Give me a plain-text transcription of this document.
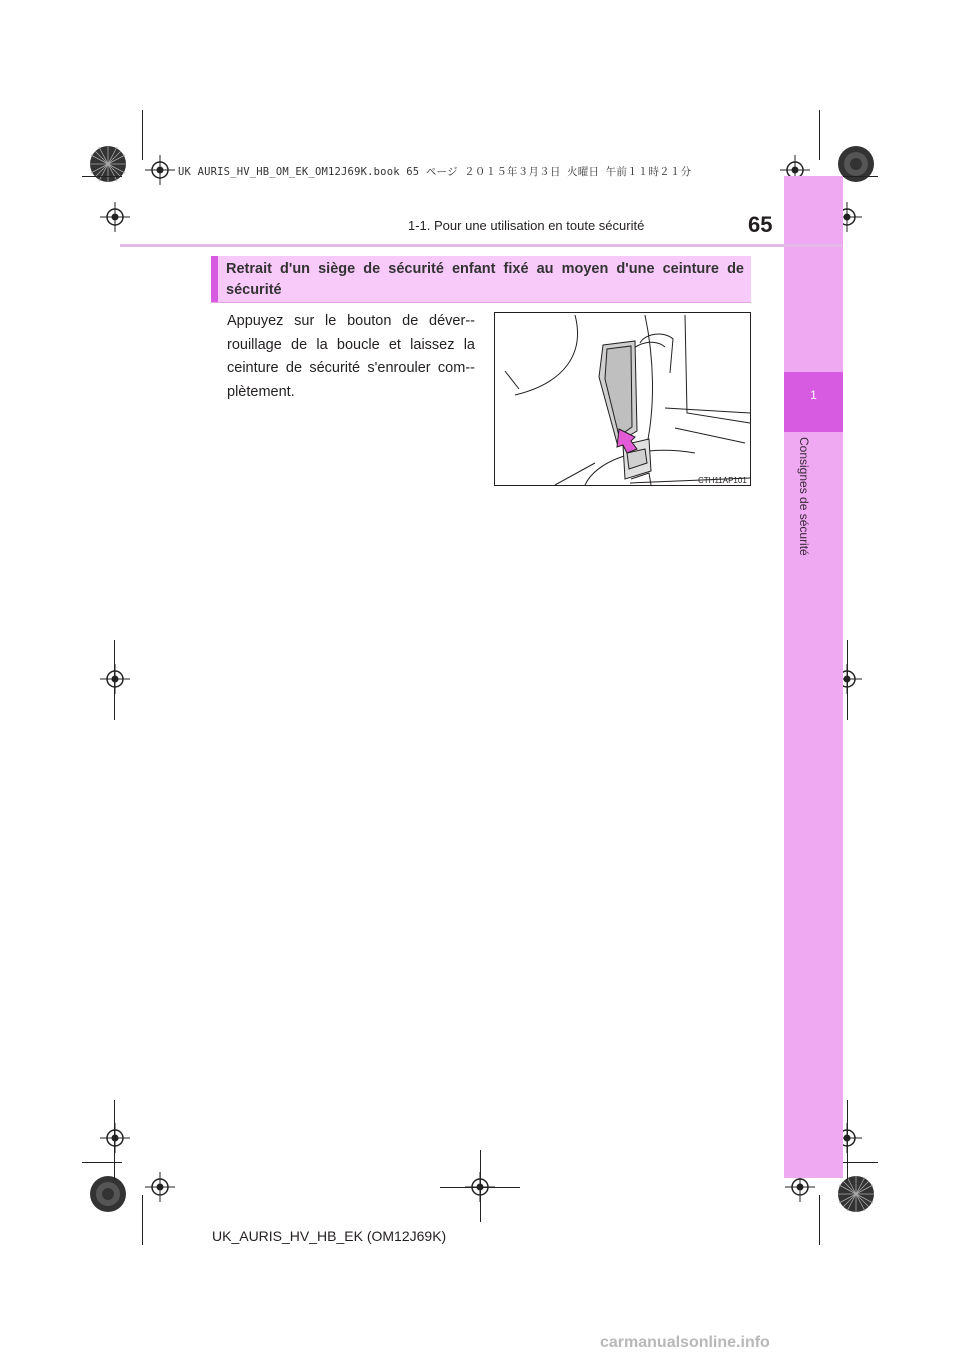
UK AURIS_HV_HB_OM_EK_OM12J69K.book 65 ページ ２０１５年３月３日 火曜日 午前１１時２１分
1
Consignes de sécurité
1-1. Pour une utilisation en toute sécurité	65
Retrait d'un siège de sécurité enfant fixé au moyen d'une ceinture de sécurité
Appuyez sur le bouton de déver-rouillage de la boucle et laissez la ceinture de sécurité s'enrouler com-plètement.
CTH11AP101
UK_AURIS_HV_HB_EK (OM12J69K)
carmanualsonline.info
